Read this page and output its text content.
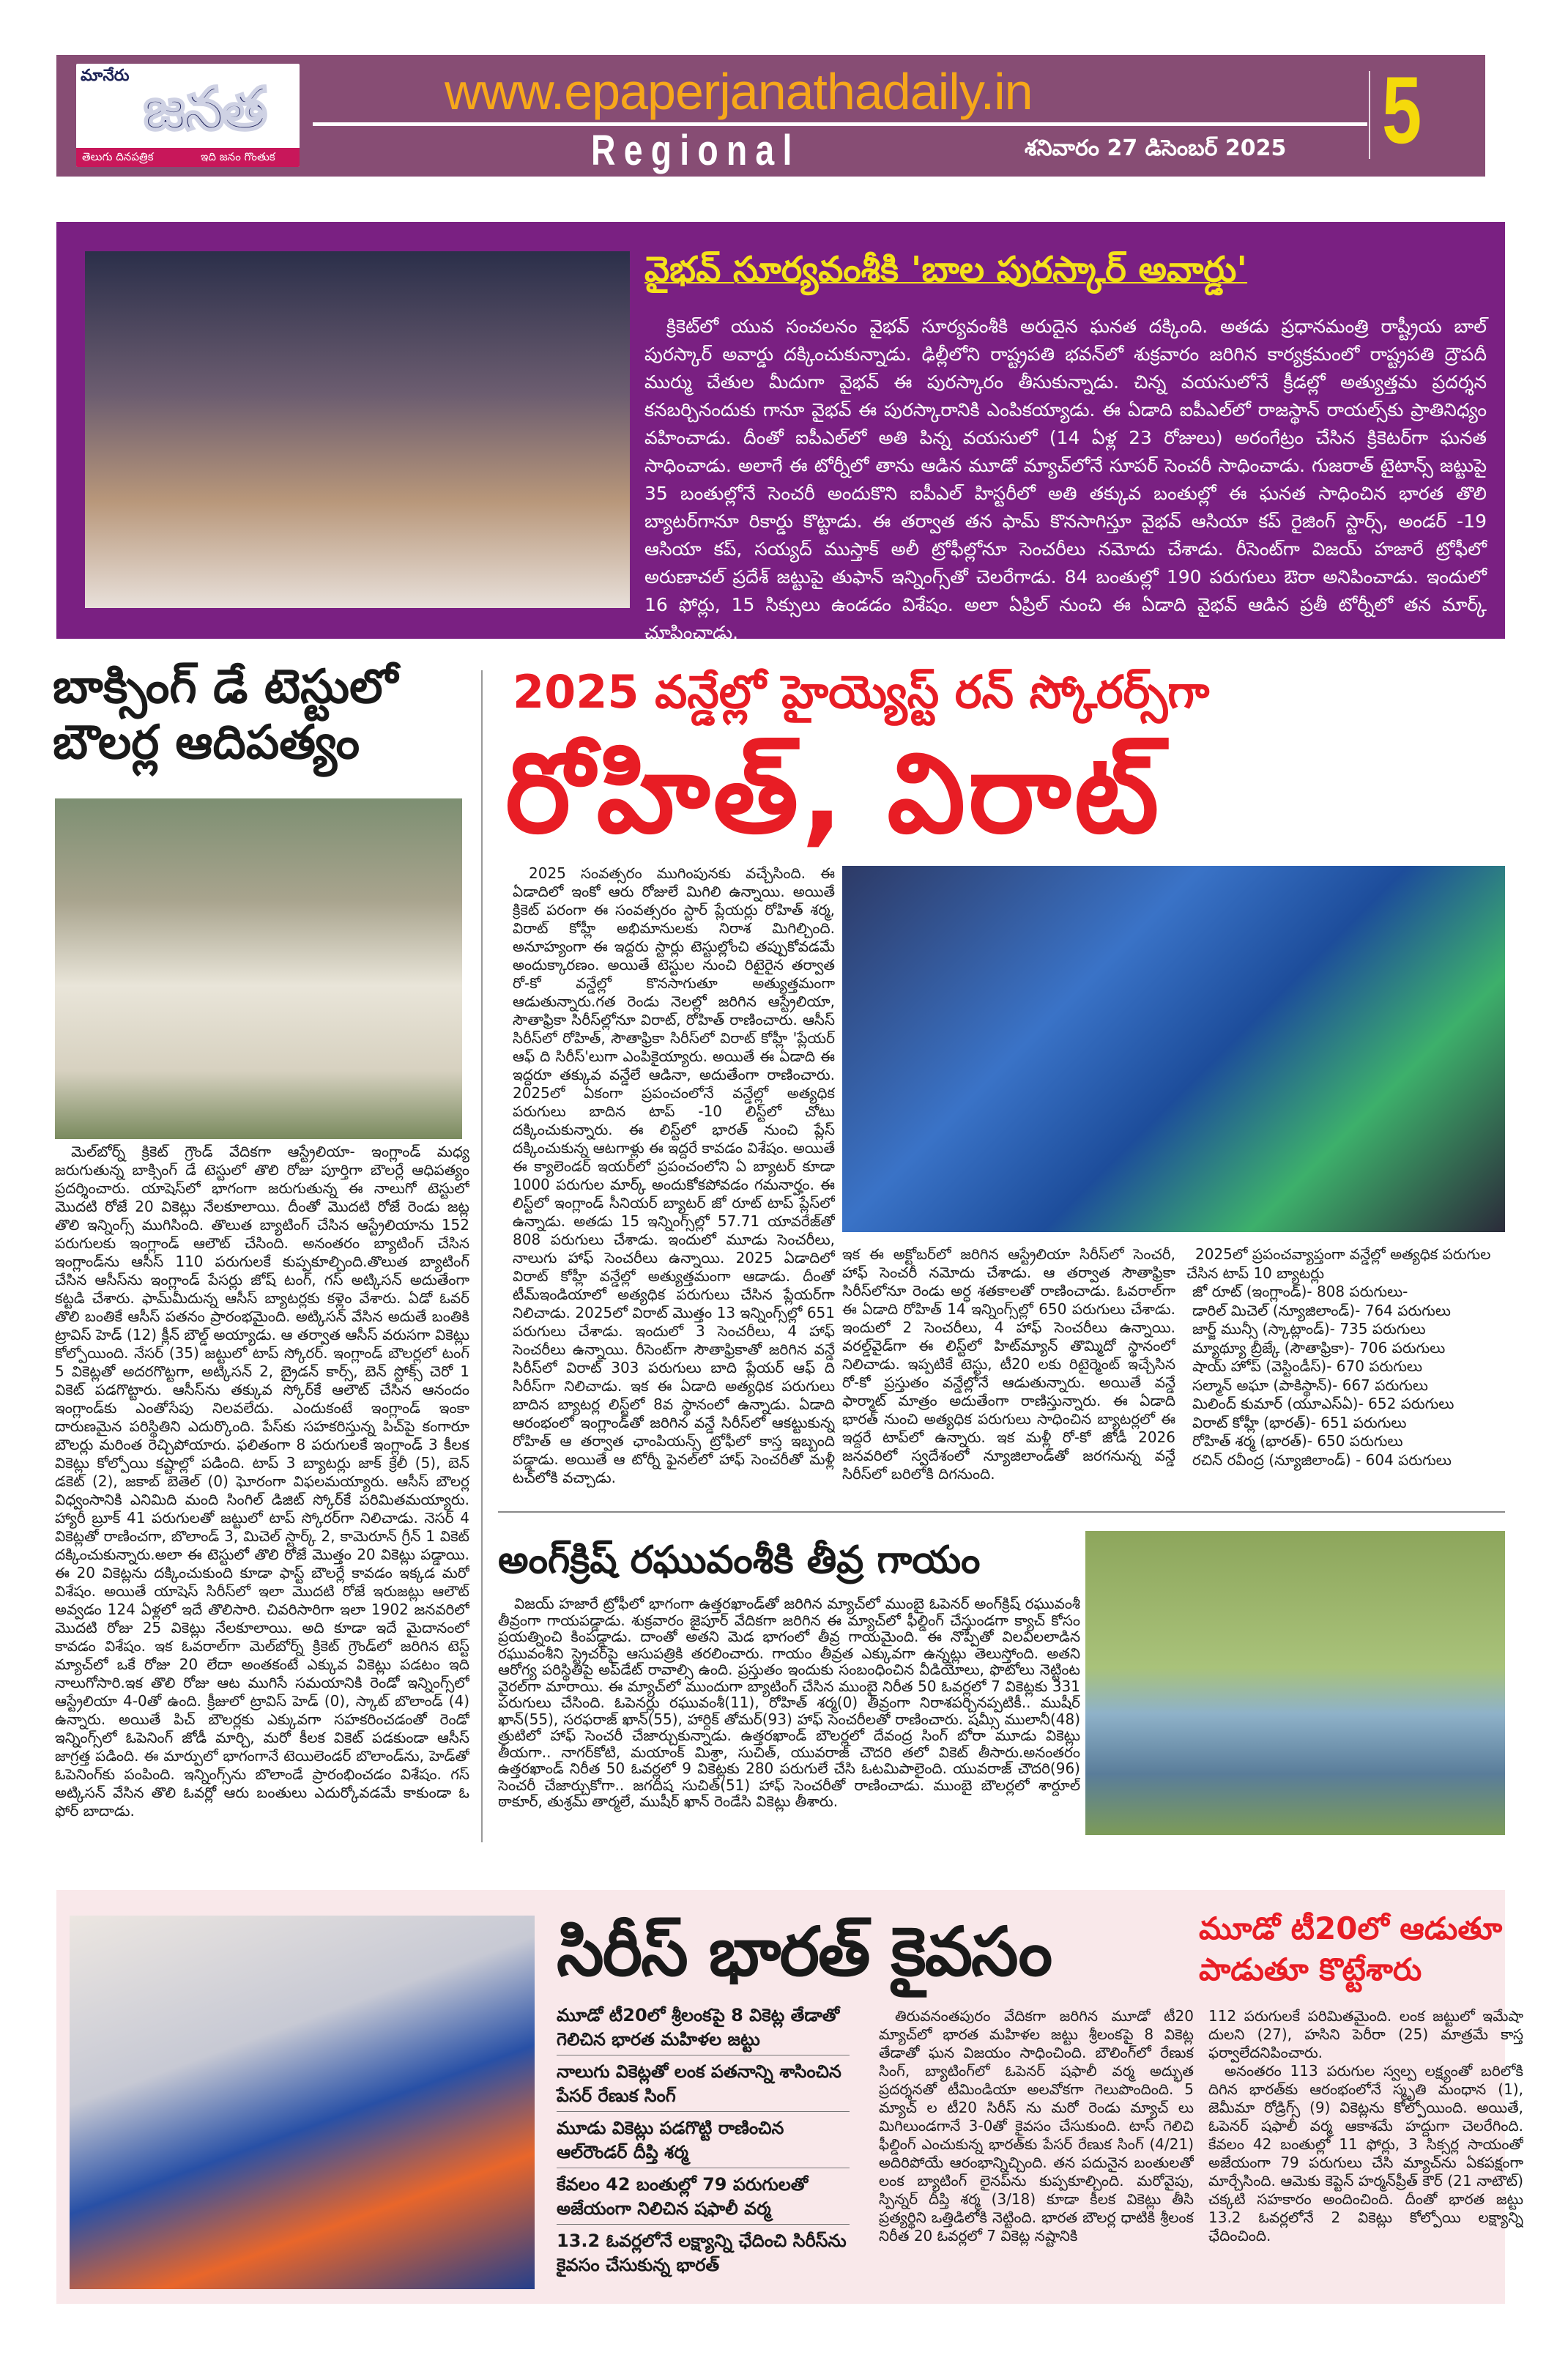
మానేరు జనత
తెలుగు దినపత్రిక	ఇది జనం గొంతుక
www.epaperjanathadaily.in
Regional	శనివారం 27 డిసెంబర్ 2025 5
వైభవ్ సూర్యవంశీకి 'బాల పురస్కార్ అవార్డు'
క్రికెట్‌లో యువ సంచలనం వైభవ్ సూర్యవంశీకి అరుదైన ఘనత దక్కింది. అతడు ప్రధానమంత్రి రాష్ట్రీయ బాల్ పురస్కార్ అవార్డు దక్కించుకున్నాడు. ఢిల్లీలోని రాష్ట్రపతి భవన్‌లో శుక్రవారం జరిగిన కార్యక్రమంలో రాష్ట్రపతి ద్రౌపదీ ముర్ము చేతుల మీదుగా వైభవ్ ఈ పురస్కారం తీసుకున్నాడు. చిన్న వయసులోనే క్రీడల్లో అత్యుత్తమ ప్రదర్శన కనబర్చినందుకు గానూ వైభవ్ ఈ పురస్కారానికి ఎంపికయ్యాడు. ఈ ఏడాది ఐపీఎల్‌లో రాజస్థాన్ రాయల్స్‌కు ప్రాతినిధ్యం వహించాడు. దీంతో ఐపీఎల్‌లో అతి పిన్న వయసులో (14 ఏళ్ల 23 రోజులు) అరంగేట్రం చేసిన క్రికెటర్‌గా ఘనత సాధించాడు. అలాగే ఈ టోర్నీలో తాను ఆడిన మూడో మ్యాచ్‌లోనే సూపర్ సెంచరీ సాధించాడు. గుజరాత్ టైటాన్స్ జట్టుపై 35 బంతుల్లోనే సెంచరీ అందుకొని ఐపీఎల్ హిస్టరీలో అతి తక్కువ బంతుల్లో ఈ ఘనత సాధించిన భారత తొలి బ్యాటర్‌గానూ రికార్డు కొట్టాడు. ఈ తర్వాత తన ఫామ్ కొనసాగిస్తూ వైభవ్ ఆసియా కప్ రైజింగ్ స్టార్స్, అండర్ -19 ఆసియా కప్, సయ్యద్ ముస్తాక్ అలీ ట్రోఫీల్లోనూ సెంచరీలు నమోదు చేశాడు. రీసెంట్‌గా విజయ్ హజారే ట్రోఫీలో అరుణాచల్ ప్రదేశ్ జట్టుపై తుఫాన్ ఇన్నింగ్స్‌తో చెలరేగాడు. 84 బంతుల్లో 190 పరుగులు ఔరా అనిపించాడు. ఇందులో 16 ఫోర్లు, 15 సిక్సులు ఉండడం విశేషం. అలా ఏప్రిల్ నుంచి ఈ ఏడాది వైభవ్ ఆడిన ప్రతీ టోర్నీలో తన మార్క్ చూపించాడు.
బాక్సింగ్ డే టెస్టులో
బౌలర్ల ఆదిపత్యం

మెల్‌బోర్న్ క్రికెట్ గ్రౌండ్ వేదికగా ఆస్ట్రేలియా- ఇంగ్లాండ్ మధ్య జరుగుతున్న బాక్సింగ్ డే టెస్టులో తొలి రోజు పూర్తిగా బౌలర్లే ఆధిపత్యం ప్రదర్శించారు. యాషెస్‌లో భాగంగా జరుగుతున్న ఈ నాలుగో టెస్టులో మొదటి రోజే 20 వికెట్లు నేలకూలాయి. దీంతో మొదటి రోజే రెండు జట్ల తొలి ఇన్నింగ్స్ ముగిసింది. తొలుత బ్యాటింగ్ చేసిన ఆస్ట్రేలియాను 152 పరుగులకు ఇంగ్లాండ్ ఆలౌట్ చేసింది. అనంతరం బ్యాటింగ్ చేసిన ఇంగ్లాండ్‌ను ఆసీస్ 110 పరుగులకే కుప్పకూల్చింది.తొలుత బ్యాటింగ్ చేసిన ఆసీస్‌ను ఇంగ్లాండ్ పేసర్లు జోష్ టంగ్, గస్ అట్కిసన్ అదుతేంగా కట్టడి చేశారు. ఫామ్‌మీదున్న ఆసీస్ బ్యాటర్లకు కళ్లెం వేశారు. ఏడో ఓవర్ తొలి బంతికే ఆసీస్ పతనం ప్రారంభమైంది. అట్కిసన్ వేసిన అదుతే బంతికి ట్రావిస్ హెడ్ (12) క్లీన్ బౌల్డ్ అయ్యాడు. ఆ తర్వాత ఆసీస్ వరుసగా వికెట్లు కోల్పోయింది. నేసర్ (35) జట్టులో టాప్ స్కోరర్. ఇంగ్లాండ్ బౌలర్లలో టంగ్ 5 వికెట్లతో అదరగొట్టగా, అట్కిసన్ 2, బ్రైడన్ కార్స్, బెన్ స్టోక్స్ చెరో 1 వికెట్ పడగొట్టారు. ఆసీస్‌ను తక్కువ స్కోర్‌కే ఆలౌట్ చేసిన ఆనందం ఇంగ్లాండ్‌కు ఎంతోసేపు నిలవలేదు. ఎందుకంటే ఇంగ్లాండ్ ఇంకా దారుణమైన పరిస్థితిని ఎదుర్కొంది. పేస్‌కు సహకరిస్తున్న పిచ్‌పై కంగారూ బౌలర్లు మరింత రెచ్చిపోయారు. ఫలితంగా 8 పరుగులకే ఇంగ్లాండ్ 3 కీలక వికెట్లు కోల్పోయి కష్టాల్లో పడింది. టాప్ 3 బ్యాటర్లు జాక్ క్రేలీ (5), బెన్ డకెట్ (2), జకాబ్ బెతెల్ (0) ఘోరంగా విఫలమయ్యారు. ఆసీస్ బౌలర్ల విధ్వంసానికి ఎనిమిది మంది సింగిల్ డిజిట్ స్కోర్‌కే పరిమితమయ్యారు. హ్యారీ బ్రూక్ 41 పరుగులతో జట్టులో టాప్ స్కోరర్‌గా నిలిచాడు. నెసర్ 4 వికెట్లతో రాణించగా, బొలాండ్ 3, మిచెల్ స్టార్క్ 2, కామెరూన్ గ్రీన్ 1 వికెట్ దక్కించుకున్నారు.అలా ఈ టెస్టులో తొలి రోజే మొత్తం 20 వికెట్లు పడ్డాయి. ఈ 20 వికెట్లను దక్కించుకుంది కూడా ఫాస్ట్ బౌలర్లే కావడం ఇక్కడ మరో విశేషం. అయితే యాషెస్ సిరీస్‌లో ఇలా మొదటి రోజే ఇరుజట్లు ఆలౌట్ అవ్వడం 124 ఏళ్లలో ఇదే తొలిసారి. చివరిసారిగా ఇలా 1902 జనవరిలో మొదటి రోజు 25 వికెట్లు నేలకూలాయి. అది కూడా ఇదే మైదానంలో కావడం విశేషం. ఇక ఓవరాల్‌గా మెల్‌బోర్న్ క్రికెట్ గ్రౌండ్‌లో జరిగిన టెస్ట్ మ్యాచ్‌లో ఒకే రోజు 20 లేదా అంతకంటే ఎక్కువ వికెట్లు పడటం ఇది నాలుగోసారి.ఇక తొలి రోజు ఆట ముగిసే సమయానికి రెండో ఇన్నింగ్స్‌లో ఆస్ట్రేలియా 4-0తో ఉంది. క్రీజులో ట్రావిస్ హెడ్ (0), స్కాట్ బొలాండ్ (4) ఉన్నారు. అయితే పిచ్ బౌలర్లకు ఎక్కువగా సహకరించడంతో రెండో ఇన్నింగ్స్‌లో ఓపెనింగ్ జోడీ మార్చి, మరో కీలక వికెట్ పడకుండా ఆసీస్ జాగ్రత్త పడింది. ఈ మార్పులో భాగంగానే టెయిలెండర్ బొలాండ్‌ను, హెడ్‌తో ఓపెనింగ్‌కు పంపింది. ఇన్నింగ్స్‌ను బొలాండే ప్రారంభించడం విశేషం. గస్ అట్కిసన్ వేసిన తొలి ఓవర్లో ఆరు బంతులు ఎదుర్కోవడమే కాకుండా ఓ ఫోర్ బాదాడు.

2025 వన్డేల్లో హైయ్యెస్ట్ రన్ స్కోరర్స్‌గా
రోహిత్, విరాట్

2025 సంవత్సరం ముగింపునకు వచ్చేసింది. ఈ ఏడాదిలో ఇంకో ఆరు రోజులే మిగిలి ఉన్నాయి. అయితే క్రికెట్ పరంగా ఈ సంవత్సరం స్టార్ ప్లేయర్లు రోహిత్ శర్మ, విరాట్ కోహ్లీ అభిమానులకు నిరాశ మిగిల్చింది. అనూహ్యంగా ఈ ఇద్దరు స్టార్లు టెస్టుల్లోంచి తప్పుకోవడమే అందుక్కారణం. అయితే టెస్టుల నుంచి రిటైరైన తర్వాత రో-కో వన్డేల్లో కొనసాగుతూ అత్యుత్తమంగా ఆడుతున్నారు.గత రెండు నెలల్లో జరిగిన ఆస్ట్రేలియా, సౌతాఫ్రికా సిరీస్‌ల్లోనూ విరాట్, రోహిత్ రాణించారు. ఆసీస్ సిరీస్‌లో రోహిత్, సౌతాఫ్రికా సిరీస్‌లో విరాట్ కోహ్లీ 'ప్లేయర్ ఆఫ్ ది సిరీస్'లుగా ఎంపికైయ్యారు. అయితే ఈ ఏడాది ఈ ఇద్దరూ తక్కువ వన్డేలే ఆడినా, అదుతేంగా రాణించారు. 2025లో ఏకంగా ప్రపంచంలోనే వన్డేల్లో అత్యధిక పరుగులు బాదిన టాప్ -10 లిస్ట్‌లో చోటు దక్కించుకున్నారు. ఈ లిస్ట్‌లో భారత్ నుంచి ప్లేస్ దక్కించుకున్న ఆటగాళ్లు ఈ ఇద్దరే కావడం విశేషం. అయితే ఈ క్యాలెండర్ ఇయర్‌లో ప్రపంచంలోని ఏ బ్యాటర్ కూడా 1000 పరుగుల మార్క్ అందుకోకపోవడం గమనార్హం. ఈ లిస్ట్‌లో ఇంగ్లాండ్ సీనియర్ బ్యాటర్ జో రూట్ టాప్ ప్లేస్‌లో ఉన్నాడు. అతడు 15 ఇన్నింగ్స్‌ల్లో 57.71 యావరేజ్‌తో 808 పరుగులు చేశాడు. ఇందులో మూడు సెంచరీలు, నాలుగు హాఫ్ సెంచరీలు ఉన్నాయి. 2025 ఏడాదిలో విరాట్ కోహ్లీ వన్డేల్లో అత్యుత్తమంగా ఆడాడు. దీంతో టీమ్‌ఇండియాలో అత్యధిక పరుగులు చేసిన ప్లేయర్‌గా నిలిచాడు. 2025లో విరాట్ మొత్తం 13 ఇన్నింగ్స్‌ల్లో 651 పరుగులు చేశాడు. ఇందులో 3 సెంచరీలు, 4 హాఫ్ సెంచరీలు ఉన్నాయి. రీసెంట్‌గా సౌతాఫ్రికాతో జరిగిన వన్డే సిరీస్‌లో విరాట్ 303 పరుగులు బాది ప్లేయర్ ఆఫ్ ది సిరీస్‌గా నిలిచాడు. ఇక ఈ ఏడాది అత్యధిక పరుగులు బాదిన బ్యాటర్ల లిస్ట్‌లో 8వ స్థానంలో ఉన్నాడు. ఏడాది ఆరంభంలో ఇంగ్లాండ్‌తో జరిగిన వన్డే సిరీస్‌లో ఆకట్టుకున్న రోహిత్ ఆ తర్వాత ఛాంపియన్స్ ట్రోఫీలో కాస్త ఇబ్బంది పడ్డాడు. అయితే ఆ టోర్నీ ఫైనల్‌లో హాఫ్ సెంచరీతో మళ్లీ టచ్‌లోకి వచ్చాడు.

ఇక ఈ అక్టోబర్‌లో జరిగిన ఆస్ట్రేలియా సిరీస్‌లో సెంచరీ, హాఫ్ సెంచరీ నమోదు చేశాడు. ఆ తర్వాత సౌతాఫ్రికా సిరీస్‌లోనూ రెండు అర్ధ శతకాలతో రాణించాడు. ఓవరాల్‌గా ఈ ఏడాది రోహిత్ 14 ఇన్నింగ్స్‌ల్లో 650 పరుగులు చేశాడు. ఇందులో 2 సెంచరీలు, 4 హాఫ్ సెంచరీలు ఉన్నాయి. వరల్డ్‌వైడ్‌గా ఈ లిస్ట్‌లో హిట్‌మ్యాన్ తొమ్మిదో స్థానంలో నిలిచాడు. ఇప్పటికే టెస్టు, టీ20 లకు రిటైర్మెంట్ ఇచ్చేసిన రో-కో ప్రస్తుతం వన్డేల్లోనే ఆడుతున్నారు. అయితే వన్డే ఫార్మాట్ మాత్రం అదుతేంగా రాణిస్తున్నారు. ఈ ఏడాది భారత్ నుంచి అత్యధిక పరుగులు సాధించిన బ్యాటర్లలో ఈ ఇద్దరే టాప్‌లో ఉన్నారు. ఇక మళ్లీ రో-కో జోడీ 2026 జనవరిలో స్వదేశంలో న్యూజిలాండ్‌తో జరగనున్న వన్డే సిరీస్‌లో బరిలోకి దిగనుంది.

2025లో ప్రపంచవ్యాప్తంగా వన్డేల్లో అత్యధిక పరుగుల చేసిన టాప్ 10 బ్యాటర్లు
జో రూట్ (ఇంగ్లాండ్)- 808 పరుగులు-
డారిల్ మిచెల్ (న్యూజిలాండ్)- 764 పరుగులు
జార్జ్ మున్సీ (స్కాట్లాండ్)- 735 పరుగులు
మ్యాథ్యూ బ్రీజ్కే (సౌతాఫ్రికా)- 706 పరుగులు
షాయ్ హోప్ (వెస్టిండీస్)- 670 పరుగులు
సల్మాన్ అఘా (పాకిస్థాన్)- 667 పరుగులు
మిలింద్ కుమార్ (యూఎస్ఏ)- 652 పరుగులు
విరాట్ కోహ్లీ (భారత్)- 651 పరుగులు
రోహిత్ శర్మ (భారత్)- 650 పరుగులు
రచిన్ రవీంద్ర (న్యూజిలాండ్) - 604 పరుగులు
అంగ్‌క్రిష్ రఘువంశీకి తీవ్ర గాయం

విజయ్ హజారే ట్రోఫీలో భాగంగా ఉత్తరఖాండ్‌తో జరిగిన మ్యాచ్‌లో ముంబై ఓపెనర్ అంగ్‌క్రిష్ రఘువంశీ తీవ్రంగా గాయపడ్డాడు. శుక్రవారం జైపూర్ వేదికగా జరిగిన ఈ మ్యాచ్‌లో ఫీల్డింగ్ చేస్తుండగా క్యాచ్ కోసం ప్రయత్నించి కింపడ్డాడు. దాంతో అతని మెడ భాగంలో తీవ్ర గాయమైంది. ఈ నొప్పితో విలవిలలాడిన రఘువంశీని స్ట్రెచర్‌పై ఆసుపత్రికి తరలించారు. గాయం తీవ్రత ఎక్కువగా ఉన్నట్లు తెలుస్తోంది. అతని ఆరోగ్య పరిస్థితిపై అప్‌డేట్ రావాల్సి ఉంది. ప్రస్తుతం ఇందుకు సంబంధించిన వీడియోలు, ఫొటోలు నెట్టింట వైరల్‌గా మారాయి. ఈ మ్యాచ్‌లో ముందుగా బ్యాటింగ్ చేసిన ముంబై నిరీత 50 ఓవర్లలో 7 వికెట్లకు 331 పరుగులు చేసింది. ఓపెనర్లు రఘువంశీ(11), రోహిత్ శర్మ(0) తీవ్రంగా నిరాశపర్చినప్పటికీ.. ముషీర్ ఖాన్(55), సరఫరాజ్ ఖాన్(55), హార్దిక్ తోమర్(93) హాఫ్ సెంచరీలతో రాణించారు. షమ్సీ ములానీ(48) త్రుటిలో హాఫ్ సెంచరీ చేజార్చుకున్నాడు. ఉత్తరఖాండ్ బౌలర్లలో దేవంద్ర సింగ్ బోరా మూడు వికెట్లు తీయగా.. నాగర్‌కోటి, మయాంక్ మిశ్రా, సుచిత్, యువరాజ్ చౌదరి తలో వికెట్ తీసారు.అనంతరం ఉత్తరఖాండ్ నిరీత 50 ఓవర్లలో 9 వికెట్లకు 280 పరుగులే చేసి ఓటమిపాలైంది. యువరాజ్ చౌదరి(96) సెంచరీ చేజార్చుకోగా.. జగదీష సుచిత్(51) హాఫ్ సెంచరీతో రాణించాడు. ముంబై బౌలర్లలో శార్దూల్ ఠాకూర్, తుశ్రమ్ తార్మలే, ముషీర్ ఖాన్ రెండేసి వికెట్లు తీశారు.

సిరీస్ భారత్ కైవసం	మూడో టీ20లో ఆడుతూ
పాడుతూ కొట్టేశారు
మూడో టీ20లో శ్రీలంకపై 8 వికెట్ల తేడాతో గెలిచిన భారత మహిళల జట్టు
నాలుగు వికెట్లతో లంక పతనాన్ని శాసించిన పేసర్ రేణుక సింగ్
మూడు వికెట్లు పడగొట్టి రాణించిన ఆల్‌రౌండర్ దీప్తి శర్మ
కేవలం 42 బంతుల్లో 79 పరుగులతో అజేయంగా నిలిచిన షఫాలీ వర్మ
13.2 ఓవర్లలోనే లక్ష్యాన్ని ఛేదించి సిరీస్‌ను కైవసం చేసుకున్న భారత్

తిరువనంతపురం వేదికగా జరిగిన మూడో టీ20 మ్యాచ్‌లో భారత మహిళల జట్టు శ్రీలంకపై 8 వికెట్ల తేడాతో ఘన విజయం సాధించింది. బౌలింగ్‌లో రేణుక సింగ్, బ్యాటింగ్‌లో ఓపెనర్ షఫాలీ వర్మ అద్భుత ప్రదర్శనతో టీమిండియా అలవోకగా గెలుపొందింది. 5 మ్యాచ్ ల టీ20 సిరీస్ ను మరో రెండు మ్యాచ్ లు మిగిలుండగానే 3-0తో కైవసం చేసుకుంది. టాస్ గెలిచి ఫీల్డింగ్ ఎంచుకున్న భారత్‌కు పేసర్ రేణుక సింగ్ (4/21) అదిరిపోయే ఆరంభాన్నిచ్చింది. తన పదునైన బంతులతో లంక బ్యాటింగ్ లైనప్‌ను కుప్పకూల్చింది. మరోవైపు, స్పిన్నర్ దీప్తి శర్మ (3/18) కూడా కీలక వికెట్లు తీసి ప్రత్యర్థిని ఒత్తిడిలోకి నెట్టింది. భారత బౌలర్ల ధాటికి శ్రీలంక నిరీత 20 ఓవర్లలో 7 వికెట్ల నష్టానికి

112 పరుగులకే పరిమితమైంది. లంక జట్టులో ఇమేషా దులని (27), హసిని పెరీరా (25) మాత్రమే కాస్త ఫర్వాలేదనిపించారు.

అనంతరం 113 పరుగుల స్వల్ప లక్ష్యంతో బరిలోకి దిగిన భారత్‌కు ఆరంభంలోనే స్మృతి మంధాన (1), జెమీమా రోడ్రిగ్స్ (9) వికెట్లను కోల్పోయింది. అయితే, ఓపెనర్ షఫాలీ వర్మ ఆకాశమే హద్దుగా చెలరేగింది. కేవలం 42 బంతుల్లో 11 ఫోర్లు, 3 సిక్సర్ల సాయంతో అజేయంగా 79 పరుగులు చేసి మ్యాచ్‌ను ఏకపక్షంగా మార్చేసింది. ఆమెకు కెప్టెన్ హర్మన్‌ప్రీత్ కౌర్ (21 నాటౌట్) చక్కటి సహకారం అందించింది. దీంతో భారత జట్టు 13.2 ఓవర్లలోనే 2 వికెట్లు కోల్పోయి లక్ష్యాన్ని ఛేదించింది.
